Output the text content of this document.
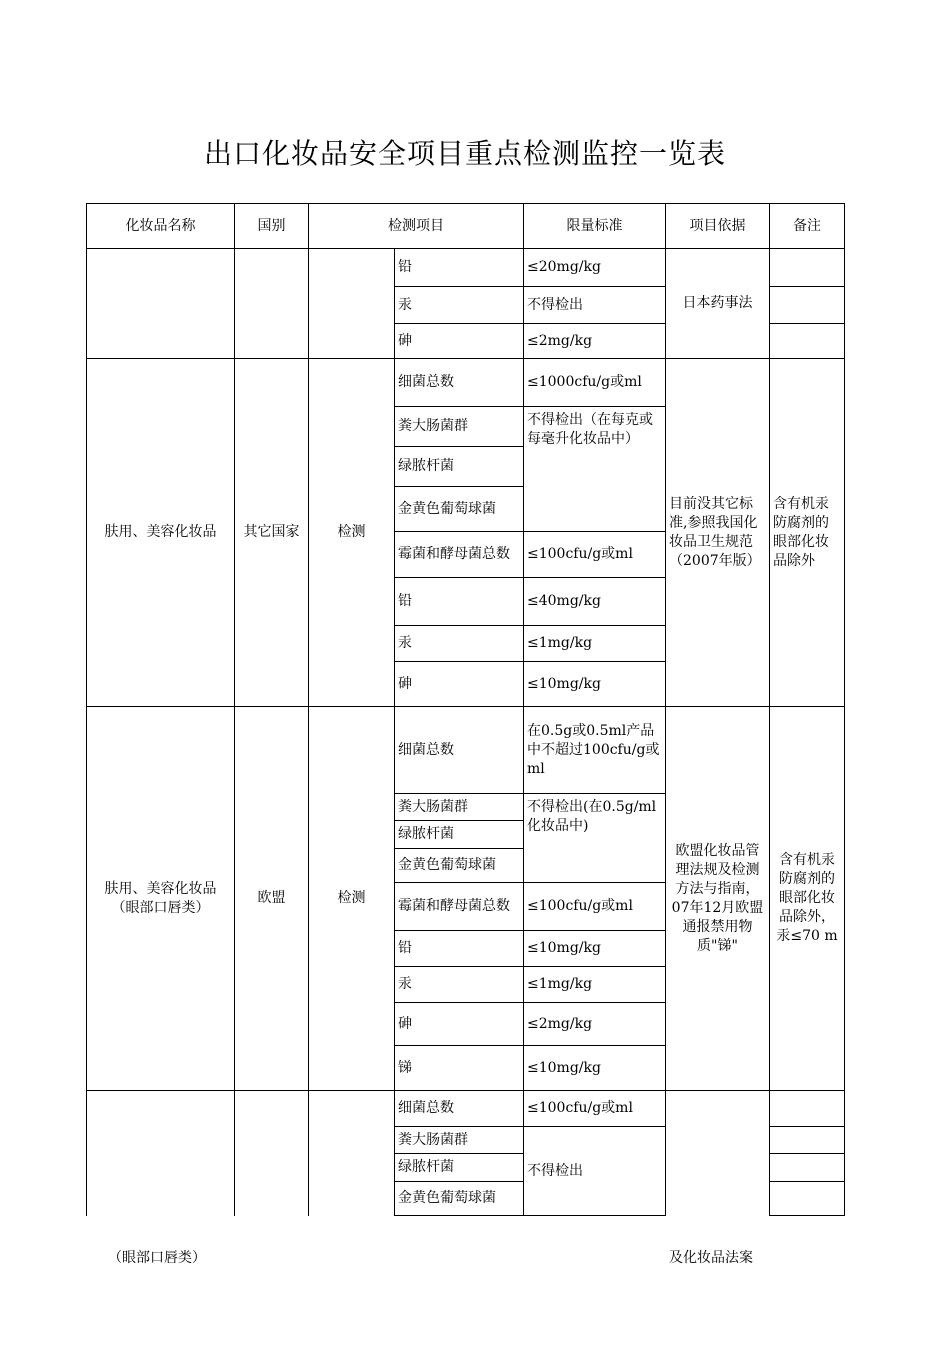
出口化妆品安全项目重点检测监控一览表
化妆品名称	国别	检测项目		限量标准	项目依据	备注
			铅	≤20mg/kg	日本药事法	
			汞	不得检出		
			砷	≤2mg/kg		
肤用、美容化妆品	其它国家	检测	细菌总数	≤1000cfu/g或ml	目前没其它标准,参照我国化妆品卫生规范（2007年版）	含有机汞防腐剂的眼部化妆品除外
			粪大肠菌群	不得检出（在每克或每毫升化妆品中）		
			绿脓杆菌			
			金黄色葡萄球菌			
			霉菌和酵母菌总数	≤100cfu/g或ml		
			铅	≤40mg/kg		
			汞	≤1mg/kg		
			砷	≤10mg/kg		
肤用、美容化妆品
（眼部口唇类）	欧盟	检测	细菌总数	在0.5g或0.5ml产品中不超过100cfu/g或ml	欧盟化妆品管理法规及检测方法与指南，07年12月欧盟通报禁用物质"锑"	含有机汞防腐剂的眼部化妆品除外，汞≤70 m
			粪大肠菌群	不得检出(在0.5g/ml化妆品中)		
			绿脓杆菌			
			金黄色葡萄球菌			
			霉菌和酵母菌总数	≤100cfu/g或ml		
			铅	≤10mg/kg		
			汞	≤1mg/kg		
			砷	≤2mg/kg		
			锑	≤10mg/kg		
			细菌总数	≤100cfu/g或ml		
			粪大肠菌群	不得检出		
			绿脓杆菌			
			金黄色葡萄球菌			
（眼部口唇类）	及化妆品法案
